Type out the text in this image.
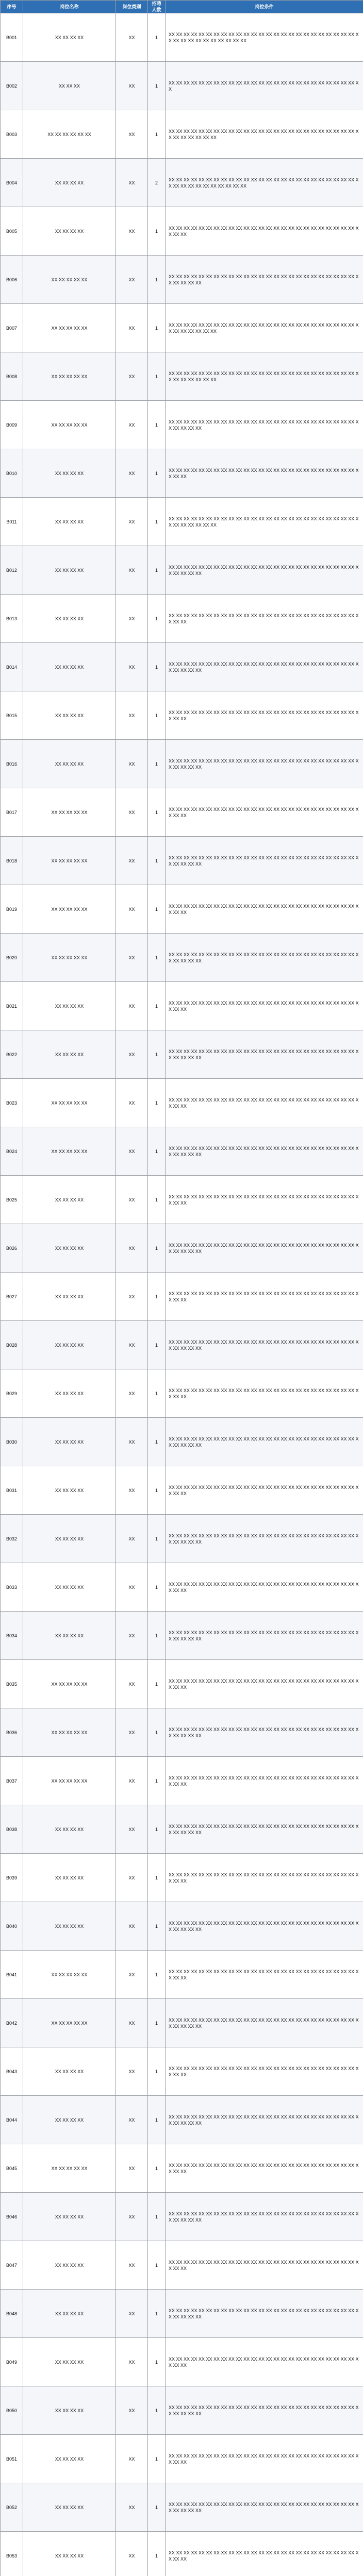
序号	岗位名称	岗位类别	招聘人数	岗位条件
B001	XX XX XX XX	XX	1	XX XX XX XX XX XX XX XX XX XX XX XX XX XX XX XX XX XX XX XX XX XX XX XX XX XX XX XX XX XX XX XX XX XX XX XX
B002	XX XX XX	XX	1	XX XX XX XX XX XX XX XX XX XX XX XX XX XX XX XX XX XX XX XX XX XX XX XX XX XX
B003	XX XX XX XX XX XX	XX	1	XX XX XX XX XX XX XX XX XX XX XX XX XX XX XX XX XX XX XX XX XX XX XX XX XX XX XX XX XX XX XX XX
B004	XX XX XX XX	XX	2	XX XX XX XX XX XX XX XX XX XX XX XX XX XX XX XX XX XX XX XX XX XX XX XX XX XX XX XX XX XX XX XX XX XX XX XX
B005	XX XX XX XX	XX	1	XX XX XX XX XX XX XX XX XX XX XX XX XX XX XX XX XX XX XX XX XX XX XX XX XX XX XX XX
B006	XX XX XX XX XX	XX	1	XX XX XX XX XX XX XX XX XX XX XX XX XX XX XX XX XX XX XX XX XX XX XX XX XX XX XX XX XX XX
B007	XX XX XX XX XX	XX	1	XX XX XX XX XX XX XX XX XX XX XX XX XX XX XX XX XX XX XX XX XX XX XX XX XX XX XX XX XX XX XX XX
B008	XX XX XX XX XX	XX	1	XX XX XX XX XX XX XX XX XX XX XX XX XX XX XX XX XX XX XX XX XX XX XX XX XX XX XX XX XX XX XX XX
B009	XX XX XX XX XX	XX	1	XX XX XX XX XX XX XX XX XX XX XX XX XX XX XX XX XX XX XX XX XX XX XX XX XX XX XX XX XX XX
B010	XX XX XX XX	XX	1	XX XX XX XX XX XX XX XX XX XX XX XX XX XX XX XX XX XX XX XX XX XX XX XX XX XX XX XX
B011	XX XX XX XX	XX	1	XX XX XX XX XX XX XX XX XX XX XX XX XX XX XX XX XX XX XX XX XX XX XX XX XX XX XX XX XX XX XX XX
B012	XX XX XX XX	XX	1	XX XX XX XX XX XX XX XX XX XX XX XX XX XX XX XX XX XX XX XX XX XX XX XX XX XX XX XX XX XX
B013	XX XX XX XX	XX	1	XX XX XX XX XX XX XX XX XX XX XX XX XX XX XX XX XX XX XX XX XX XX XX XX XX XX XX XX
B014	XX XX XX XX	XX	1	XX XX XX XX XX XX XX XX XX XX XX XX XX XX XX XX XX XX XX XX XX XX XX XX XX XX XX XX XX XX
B015	XX XX XX XX	XX	1	XX XX XX XX XX XX XX XX XX XX XX XX XX XX XX XX XX XX XX XX XX XX XX XX XX XX XX XX
B016	XX XX XX XX	XX	1	XX XX XX XX XX XX XX XX XX XX XX XX XX XX XX XX XX XX XX XX XX XX XX XX XX XX XX XX XX XX
B017	XX XX XX XX XX	XX	1	XX XX XX XX XX XX XX XX XX XX XX XX XX XX XX XX XX XX XX XX XX XX XX XX XX XX XX XX
B018	XX XX XX XX XX	XX	1	XX XX XX XX XX XX XX XX XX XX XX XX XX XX XX XX XX XX XX XX XX XX XX XX XX XX XX XX XX XX
B019	XX XX XX XX XX	XX	1	XX XX XX XX XX XX XX XX XX XX XX XX XX XX XX XX XX XX XX XX XX XX XX XX XX XX XX XX
B020	XX XX XX XX XX	XX	1	XX XX XX XX XX XX XX XX XX XX XX XX XX XX XX XX XX XX XX XX XX XX XX XX XX XX XX XX XX XX
B021	XX XX XX XX	XX	1	XX XX XX XX XX XX XX XX XX XX XX XX XX XX XX XX XX XX XX XX XX XX XX XX XX XX XX XX
B022	XX XX XX XX	XX	1	XX XX XX XX XX XX XX XX XX XX XX XX XX XX XX XX XX XX XX XX XX XX XX XX XX XX XX XX XX XX
B023	XX XX XX XX XX	XX	1	XX XX XX XX XX XX XX XX XX XX XX XX XX XX XX XX XX XX XX XX XX XX XX XX XX XX XX XX
B024	XX XX XX XX XX	XX	1	XX XX XX XX XX XX XX XX XX XX XX XX XX XX XX XX XX XX XX XX XX XX XX XX XX XX XX XX XX XX
B025	XX XX XX XX	XX	1	XX XX XX XX XX XX XX XX XX XX XX XX XX XX XX XX XX XX XX XX XX XX XX XX XX XX XX XX
B026	XX XX XX XX	XX	1	XX XX XX XX XX XX XX XX XX XX XX XX XX XX XX XX XX XX XX XX XX XX XX XX XX XX XX XX XX XX
B027	XX XX XX XX	XX	1	XX XX XX XX XX XX XX XX XX XX XX XX XX XX XX XX XX XX XX XX XX XX XX XX XX XX XX XX
B028	XX XX XX XX	XX	1	XX XX XX XX XX XX XX XX XX XX XX XX XX XX XX XX XX XX XX XX XX XX XX XX XX XX XX XX XX XX
B029	XX XX XX XX	XX	1	XX XX XX XX XX XX XX XX XX XX XX XX XX XX XX XX XX XX XX XX XX XX XX XX XX XX XX XX
B030	XX XX XX XX	XX	1	XX XX XX XX XX XX XX XX XX XX XX XX XX XX XX XX XX XX XX XX XX XX XX XX XX XX XX XX XX XX
B031	XX XX XX XX	XX	1	XX XX XX XX XX XX XX XX XX XX XX XX XX XX XX XX XX XX XX XX XX XX XX XX XX XX XX XX
B032	XX XX XX XX	XX	1	XX XX XX XX XX XX XX XX XX XX XX XX XX XX XX XX XX XX XX XX XX XX XX XX XX XX XX XX XX XX
B033	XX XX XX XX	XX	1	XX XX XX XX XX XX XX XX XX XX XX XX XX XX XX XX XX XX XX XX XX XX XX XX XX XX XX XX
B034	XX XX XX XX	XX	1	XX XX XX XX XX XX XX XX XX XX XX XX XX XX XX XX XX XX XX XX XX XX XX XX XX XX XX XX XX XX
B035	XX XX XX XX XX	XX	1	XX XX XX XX XX XX XX XX XX XX XX XX XX XX XX XX XX XX XX XX XX XX XX XX XX XX XX XX
B036	XX XX XX XX XX	XX	1	XX XX XX XX XX XX XX XX XX XX XX XX XX XX XX XX XX XX XX XX XX XX XX XX XX XX XX XX XX XX
B037	XX XX XX XX XX	XX	1	XX XX XX XX XX XX XX XX XX XX XX XX XX XX XX XX XX XX XX XX XX XX XX XX XX XX XX XX
B038	XX XX XX XX	XX	1	XX XX XX XX XX XX XX XX XX XX XX XX XX XX XX XX XX XX XX XX XX XX XX XX XX XX XX XX XX XX
B039	XX XX XX XX	XX	1	XX XX XX XX XX XX XX XX XX XX XX XX XX XX XX XX XX XX XX XX XX XX XX XX XX XX XX XX
B040	XX XX XX XX	XX	1	XX XX XX XX XX XX XX XX XX XX XX XX XX XX XX XX XX XX XX XX XX XX XX XX XX XX XX XX XX XX
B041	XX XX XX XX XX	XX	1	XX XX XX XX XX XX XX XX XX XX XX XX XX XX XX XX XX XX XX XX XX XX XX XX XX XX XX XX
B042	XX XX XX XX XX	XX	1	XX XX XX XX XX XX XX XX XX XX XX XX XX XX XX XX XX XX XX XX XX XX XX XX XX XX XX XX XX XX
B043	XX XX XX XX	XX	1	XX XX XX XX XX XX XX XX XX XX XX XX XX XX XX XX XX XX XX XX XX XX XX XX XX XX XX XX
B044	XX XX XX XX	XX	1	XX XX XX XX XX XX XX XX XX XX XX XX XX XX XX XX XX XX XX XX XX XX XX XX XX XX XX XX XX XX
B045	XX XX XX XX XX	XX	1	XX XX XX XX XX XX XX XX XX XX XX XX XX XX XX XX XX XX XX XX XX XX XX XX XX XX XX XX
B046	XX XX XX XX	XX	1	XX XX XX XX XX XX XX XX XX XX XX XX XX XX XX XX XX XX XX XX XX XX XX XX XX XX XX XX XX XX
B047	XX XX XX XX	XX	1	XX XX XX XX XX XX XX XX XX XX XX XX XX XX XX XX XX XX XX XX XX XX XX XX XX XX XX XX
B048	XX XX XX XX	XX	1	XX XX XX XX XX XX XX XX XX XX XX XX XX XX XX XX XX XX XX XX XX XX XX XX XX XX XX XX XX XX
B049	XX XX XX XX	XX	1	XX XX XX XX XX XX XX XX XX XX XX XX XX XX XX XX XX XX XX XX XX XX XX XX XX XX XX XX
B050	XX XX XX XX	XX	1	XX XX XX XX XX XX XX XX XX XX XX XX XX XX XX XX XX XX XX XX XX XX XX XX XX XX XX XX XX XX
B051	XX XX XX XX	XX	1	XX XX XX XX XX XX XX XX XX XX XX XX XX XX XX XX XX XX XX XX XX XX XX XX XX XX XX XX
B052	XX XX XX XX	XX	1	XX XX XX XX XX XX XX XX XX XX XX XX XX XX XX XX XX XX XX XX XX XX XX XX XX XX XX XX XX XX
B053	XX XX XX XX	XX	1	XX XX XX XX XX XX XX XX XX XX XX XX XX XX XX XX XX XX XX XX XX XX XX XX XX XX XX XX
